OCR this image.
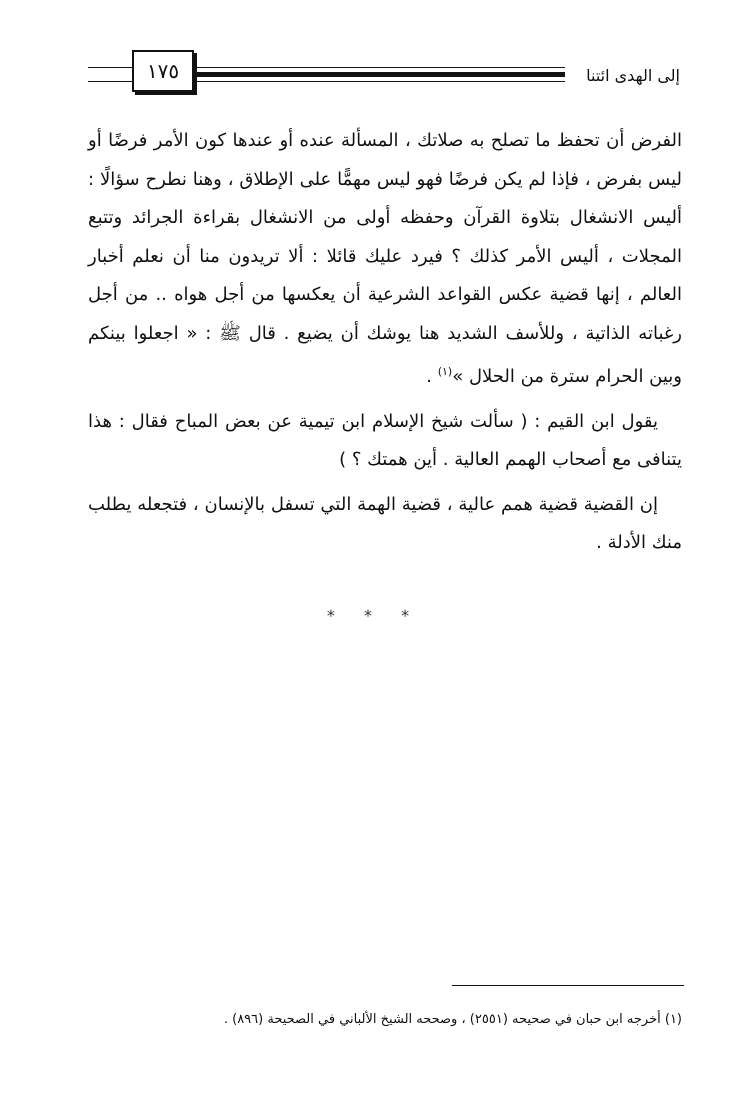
١٧٥	إلى الهدى ائتنا

الفرض أن تحفظ ما تصلح به صلاتك ، المسألة عنده أو عندها كون الأمر فرضًا أو ليس بفرض ، فإذا لم يكن فرضًا فهو ليس مهمًّا على الإطلاق ، وهنا نطرح سؤالًا : أليس الانشغال بتلاوة القرآن وحفظه أولى من الانشغال بقراءة الجرائد وتتبع المجلات ، أليس الأمر كذلك ؟ فيرد عليك قائلا : ألا تريدون منا أن نعلم أخبار العالم ، إنها قضية عكس القواعد الشرعية أن يعكسها من أجل هواه .. من أجل رغباته الذاتية ، وللأسف الشديد هنا يوشك أن يضيع . قال ﷺ : « اجعلوا بينكم وبين الحرام سترة من الحلال »$^{(١)}$ .

يقول ابن القيم : ( سألت شيخ الإسلام ابن تيمية عن بعض المباح فقال : هذا يتنافى مع أصحاب الهمم العالية . أين همتك ؟ )

إن القضية قضية همم عالية ، قضية الهمة التي تسفل بالإنسان ، فتجعله يطلب منك الأدلة .

* * *
(١) أخرجه ابن حبان في صحيحه (٢٥٥١) ، وصححه الشيخ الألباني في الصحيحة (٨٩٦) .
